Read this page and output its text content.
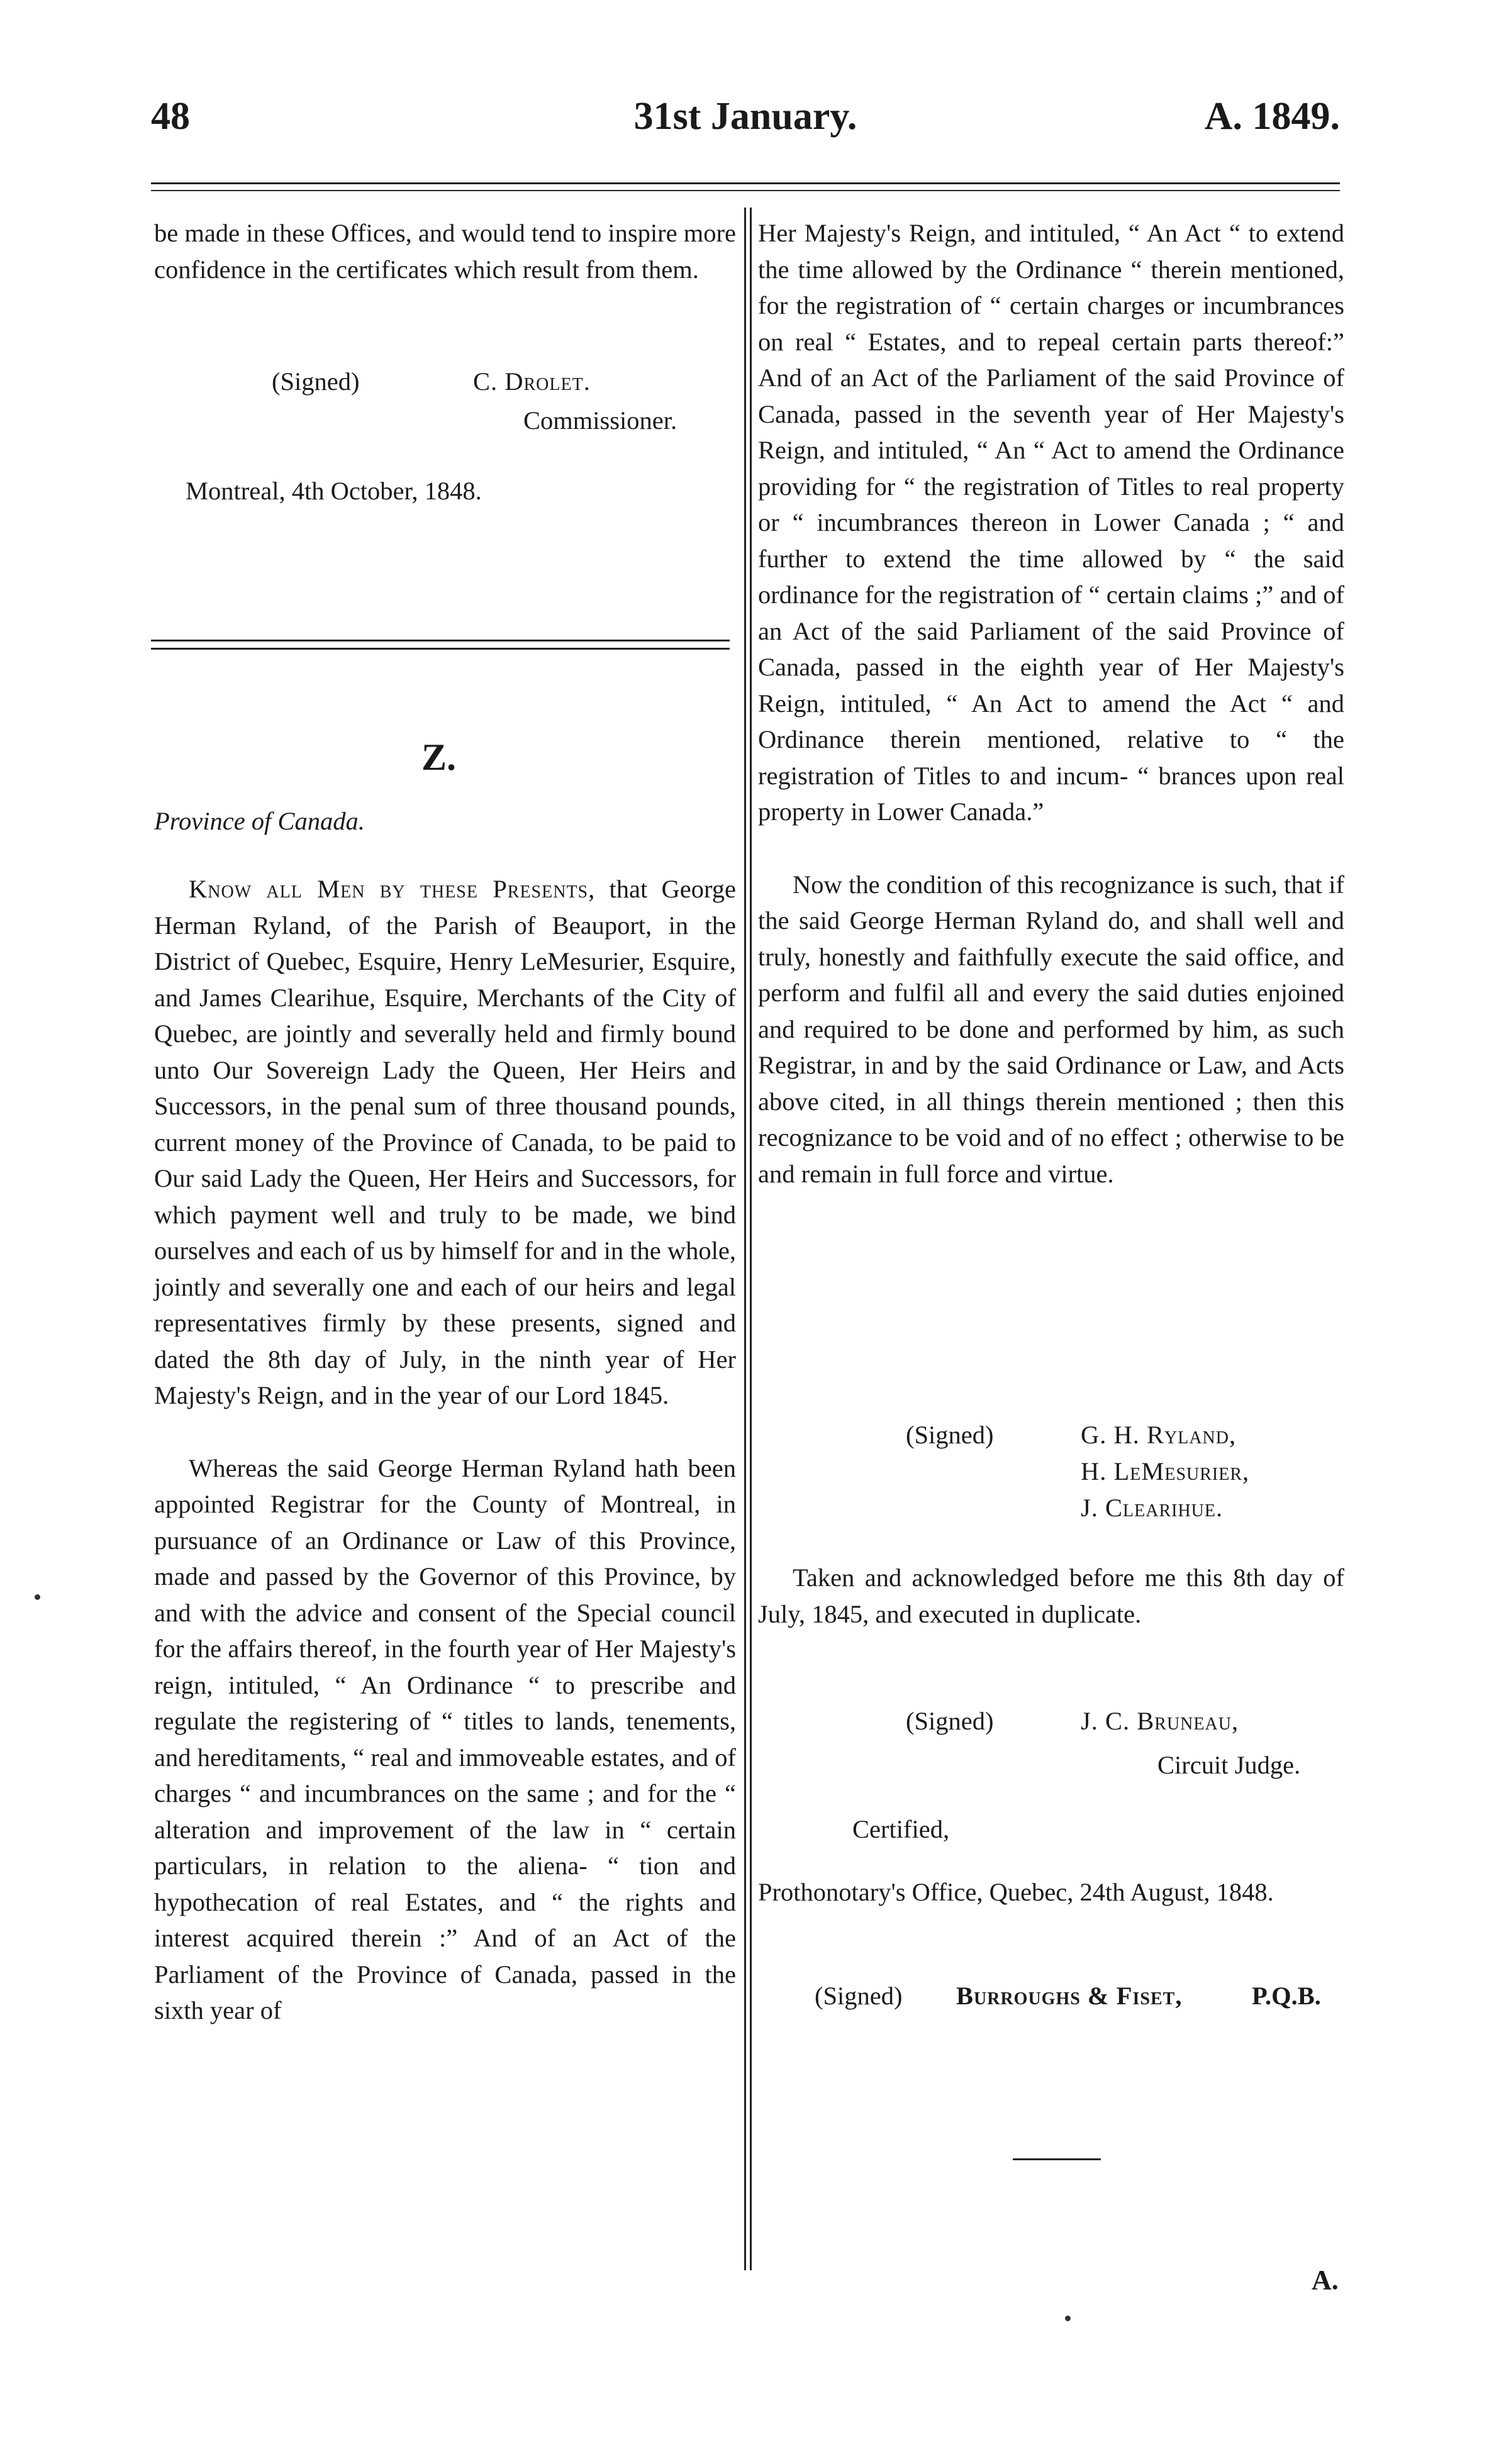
48	31st January.	A. 1849.

be made in these Offices, and would tend to inspire more confidence in the certificates which result from them.

(Signed)	C. Drolet.
Commissioner.
Montreal, 4th October, 1848.
Z.
Province of Canada.

Know all Men by these Presents, that George Herman Ryland, of the Parish of Beauport, in the District of Quebec, Esquire, Henry LeMesurier, Esquire, and James Clearihue, Esquire, Merchants of the City of Quebec, are jointly and severally held and firmly bound unto Our Sovereign Lady the Queen, Her Heirs and Successors, in the penal sum of three thousand pounds, current money of the Province of Canada, to be paid to Our said Lady the Queen, Her Heirs and Successors, for which payment well and truly to be made, we bind ourselves and each of us by himself for and in the whole, jointly and severally one and each of our heirs and legal representatives firmly by these presents, signed and dated the 8th day of July, in the ninth year of Her Majesty's Reign, and in the year of our Lord 1845.

Whereas the said George Herman Ryland hath been appointed Registrar for the County of Montreal, in pursuance of an Ordinance or Law of this Province, made and passed by the Governor of this Province, by and with the advice and consent of the Special council for the affairs thereof, in the fourth year of Her Majesty's reign, intituled, “ An Ordinance “ to prescribe and regulate the registering of “ titles to lands, tenements, and hereditaments, “ real and immoveable estates, and of charges “ and incumbrances on the same ; and for the “ alteration and improvement of the law in “ certain particulars, in relation to the aliena- “ tion and hypothecation of real Estates, and “ the rights and interest acquired therein :” And of an Act of the Parliament of the Province of Canada, passed in the sixth year of

Her Majesty's Reign, and intituled, “ An Act “ to extend the time allowed by the Ordinance “ therein mentioned, for the registration of “ certain charges or incumbrances on real “ Estates, and to repeal certain parts thereof:” And of an Act of the Parliament of the said Province of Canada, passed in the seventh year of Her Majesty's Reign, and intituled, “ An “ Act to amend the Ordinance providing for “ the registration of Titles to real property or “ incumbrances thereon in Lower Canada ; “ and further to extend the time allowed by “ the said ordinance for the registration of “ certain claims ;” and of an Act of the said Parliament of the said Province of Canada, passed in the eighth year of Her Majesty's Reign, intituled, “ An Act to amend the Act “ and Ordinance therein mentioned, relative to “ the registration of Titles to and incum- “ brances upon real property in Lower Canada.”

Now the condition of this recognizance is such, that if the said George Herman Ryland do, and shall well and truly, honestly and faithfully execute the said office, and perform and fulfil all and every the said duties enjoined and required to be done and performed by him, as such Registrar, in and by the said Ordinance or Law, and Acts above cited, in all things therein mentioned ; then this recognizance to be void and of no effect ; otherwise to be and remain in full force and virtue.

(Signed)	G. H. Ryland,
H. LeMesurier,
J. Clearihue.

Taken and acknowledged before me this 8th day of July, 1845, and executed in duplicate.

(Signed)	J. C. Bruneau,
Circuit Judge.
Certified,

Prothonotary's Office, Quebec, 24th August, 1848.

(Signed) Burroughs & Fiset,	P.Q.B.
A.
